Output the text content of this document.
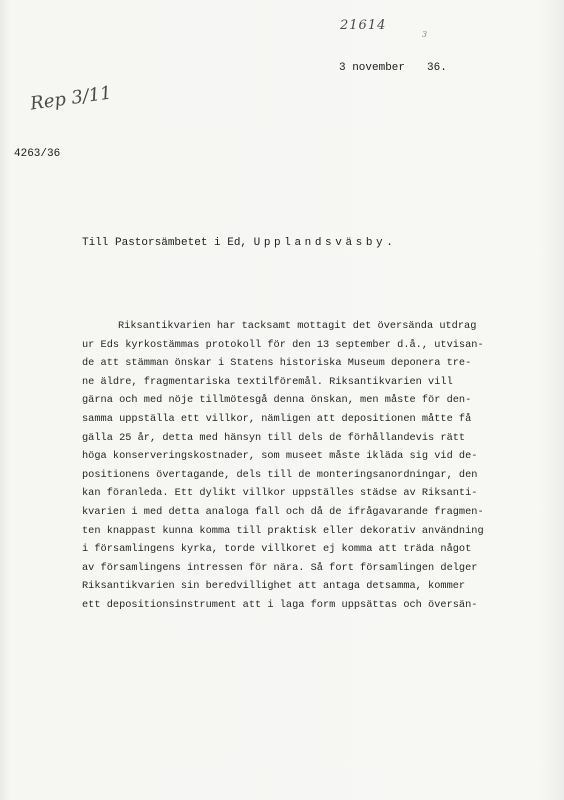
21614
3
3 november 36.
Rep 3/11
4263/36
Till Pastorsämbetet i Ed, Upplandsväsby.
Riksantikvarien har tacksamt mottagit det översända utdrag
ur Eds kyrkostämmas protokoll för den 13 september d.å., utvisan-
de att stämman önskar i Statens historiska Museum deponera tre-
ne äldre, fragmentariska textilföremål. Riksantikvarien vill
gärna och med nöje tillmötesgå denna önskan, men måste för den-
samma uppställa ett villkor, nämligen att depositionen måtte få
gälla 25 år, detta med hänsyn till dels de förhållandevis rätt
höga konserveringskostnader, som museet måste ikläda sig vid de-
positionens övertagande, dels till de monteringsanordningar, den
kan föranleda. Ett dylikt villkor uppställes städse av Riksanti-
kvarien i med detta analoga fall och då de ifrågavarande fragmen-
ten knappast kunna komma till praktisk eller dekorativ användning
i församlingens kyrka, torde villkoret ej komma att träda något
av församlingens intressen för nära. Så fort församlingen delger
Riksantikvarien sin beredvillighet att antaga detsamma, kommer
ett depositionsinstrument att i laga form uppsättas och översän-
